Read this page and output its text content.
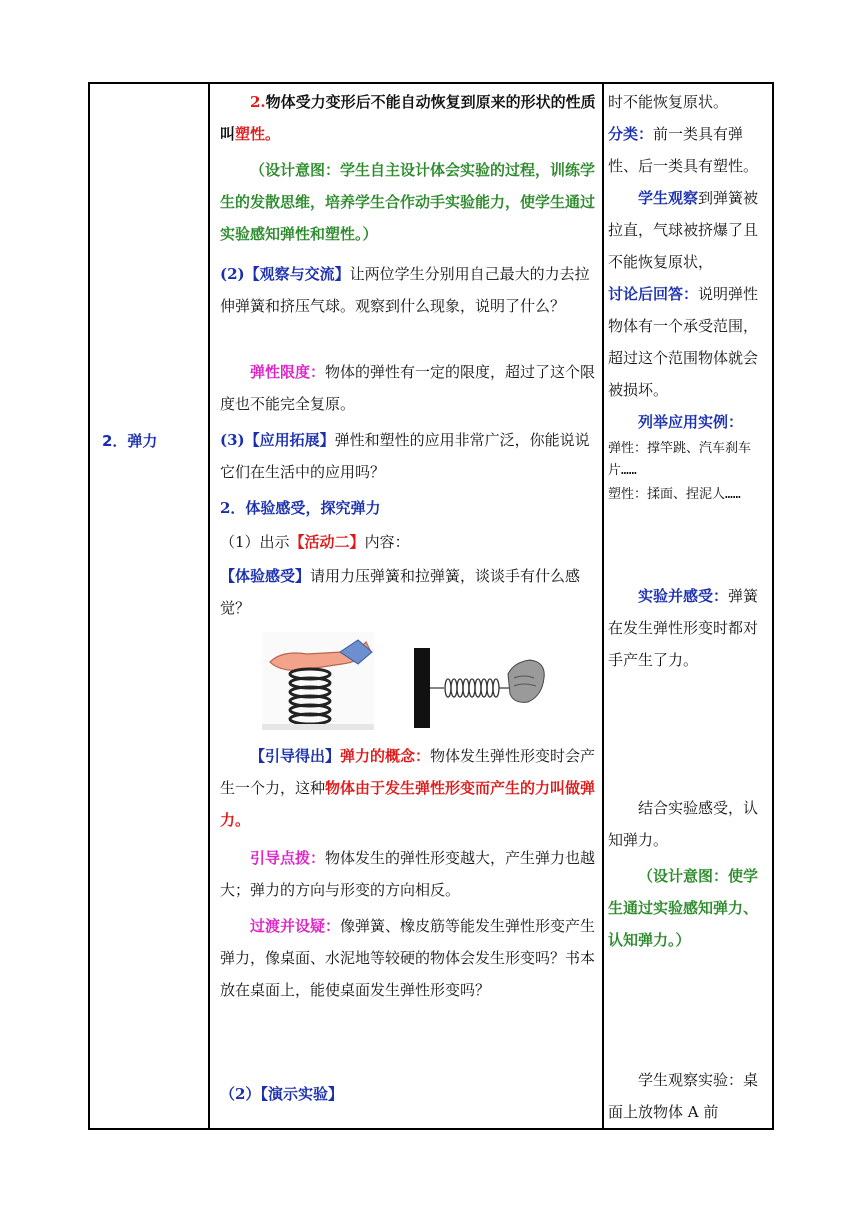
2．弹力

2.物体受力变形后不能自动恢复到原来的形状的性质叫塑性。

（设计意图：学生自主设计体会实验的过程，训练学生的发散思维，培养学生合作动手实验能力，使学生通过实验感知弹性和塑性。）

(2)【观察与交流】让两位学生分别用自己最大的力去拉伸弹簧和挤压气球。观察到什么现象，说明了什么？

弹性限度：物体的弹性有一定的限度，超过了这个限度也不能完全复原。

(3)【应用拓展】弹性和塑性的应用非常广泛，你能说说它们在生活中的应用吗？

2．体验感受，探究弹力

（1）出示【活动二】内容：

【体验感受】请用力压弹簧和拉弹簧，谈谈手有什么感觉？

【引导得出】弹力的概念：物体发生弹性形变时会产生一个力，这种物体由于发生弹性形变而产生的力叫做弹力。

引导点拨：物体发生的弹性形变越大，产生弹力也越大；弹力的方向与形变的方向相反。

过渡并设疑：像弹簧、橡皮筋等能发生弹性形变产生弹力，像桌面、水泥地等较硬的物体会发生形变吗？书本放在桌面上，能使桌面发生弹性形变吗？

（2）【演示实验】

时不能恢复原状。

分类：前一类具有弹性、后一类具有塑性。

学生观察到弹簧被拉直，气球被挤爆了且不能恢复原状，

讨论后回答：说明弹性物体有一个承受范围，超过这个范围物体就会被损坏。

列举应用实例：
弹性：撑竿跳、汽车刹车片……
塑性：揉面、捏泥人……

实验并感受：弹簧在发生弹性形变时都对手产生了力。

结合实验感受，认知弹力。

（设计意图：使学生通过实验感知弹力、认知弹力。）

学生观察实验：桌面上放物体 A 前
